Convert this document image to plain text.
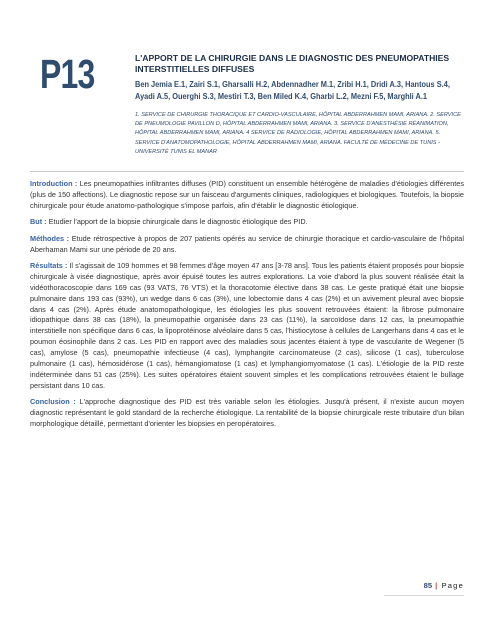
P13	L'APPORT DE LA CHIRURGIE DANS LE DIAGNOSTIC DES PNEUMOPATHIES INTERSTITIELLES DIFFUSES
Ben Jemia E.1, Zairi S.1, Gharsalli H.2, Abdennadher M.1, Zribi H.1, Dridi A.3, Hantous S.4, Ayadi A.5, Ouerghi S.3, Mestiri T.3, Ben Miled K.4, Gharbi L.2, Mezni F.5, Marghli A.1
1. SERVICE DE CHIRURGIE THORACIQUE ET CARDIO-VASCULAIRE, HÔPITAL ABDERRAHMEN MAMI, ARIANA. 2. SERVICE DE PNEUMOLOGIE PAVILLON D, HÔPITAL ABDERRAHMEN MAMI, ARIANA. 3. SERVICE D'ANESTHÉSIE RÉANIMATION, HÔPITAL ABDERRAHMEN MAMI, ARIANA. 4 SERVICE DE RADIOLOGIE, HÔPITAL ABDERRAHMEN MAMI, ARIANA. 5. SERVICE D'ANATOMOPATHOLOGIE, HÔPITAL ABDERRAHMEN MAMI, ARIANA. FACULTÉ DE MÉDECINE DE TUNIS - UNIVERSITÉ TUNIS EL MANAR

Introduction : Les pneumopathies infiltrantes diffuses (PID) constituent un ensemble hétérogène de maladies d'étiologies différentes (plus de 150 affections). Le diagnostic repose sur un faisceau d'arguments cliniques, radiologiques et biologiques. Toutefois, la biopsie chirurgicale pour étude anatomo-pathologique s'impose parfois, afin d'établir le diagnostic étiologique.

But : Etudier l'apport de la biopsie chirurgicale dans le diagnostic étiologique des PID.

Méthodes : Etude rétrospective à propos de 207 patients opérés au service de chirurgie thoracique et cardio-vasculaire de l'hôpital Aberhaman Mami sur une période de 20 ans.

Résultats : Il s'agissait de 109 hommes et 98 femmes d'âge moyen 47 ans [3-78 ans]. Tous les patients étaient proposés pour biopsie chirurgicale à visée diagnostique, après avoir épuisé toutes les autres explorations. La voie d'abord la plus souvent réalisée était la vidéothoracoscopie dans 169 cas (93 VATS, 76 VTS) et la thoracotomie élective dans 38 cas. Le geste pratiqué était une biopsie pulmonaire dans 193 cas (93%), un wedge dans 6 cas (3%), une lobectomie dans 4 cas (2%) et un avivement pleural avec biopsie dans 4 cas (2%). Après étude anatomopathologique, les étiologies les plus souvent retrouvées étaient: la fibrose pulmonaire idiopathique dans 38 cas (18%), la pneumopathie organisée dans 23 cas (11%), la sarcoïdose dans 12 cas, la pneumopathie interstitielle non spécifique dans 6 cas, la lipoprotéinose alvéolaire dans 5 cas, l'histiocytose à cellules de Langerhans dans 4 cas et le poumon éosinophile dans 2 cas. Les PID en rapport avec des maladies sous jacentes étaient à type de vascularite de Wegener (5 cas), amylose (5 cas), pneumopathie infectieuse (4 cas), lymphangite carcinomateuse (2 cas), silicose (1 cas), tuberculose pulmonaire (1 cas), hémosidérose (1 cas), hémangiomatose (1 cas) et lymphangiomyomatose (1 cas). L'étiologie de la PID reste indéterminée dans 51 cas (25%). Les suites opératoires étaient souvent simples et les complications retrouvées étaient le bullage persistant dans 10 cas.

Conclusion : L'approche diagnostique des PID est très variable selon les étiologies. Jusqu'à présent, il n'existe aucun moyen diagnostic représentant le gold standard de la recherche étiologique. La rentabilité de la biopsie chirurgicale reste tributaire d'un bilan morphologique détaillé, permettant d'orienter les biopsies en peropératoires.

85 | Page
